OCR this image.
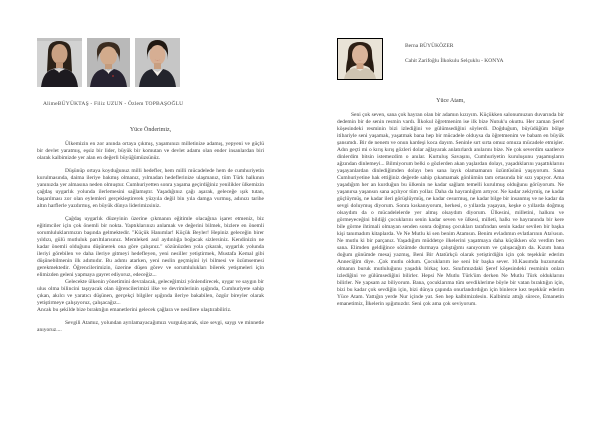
AlimeBÜYÜKTAŞ - Filiz UZUN - Özlem TOPBAŞOĞLU
Yüce Önderimiz,

Ülkemizin en zor anında ortaya çıkmış, yaşamınızı milletinize adamış, yepyeni ve güçlü bir devlet yaratmış, eşsiz bir lider, büyük bir komutan ve devlet adamı olan ender insanlardan biri olarak kalbimizde yer alan en değerli büyüğümüzsünüz.

Düşünüp ortaya koyduğunuz milli hedefler, hem milli mücadelede hem de cumhuriyetin kurulmasında, daima ileriye bakmış olmanız, yılmadan hedeflerinize ulaşmanız, tüm Türk halkının yanınızda yer almasına neden olmuştur. Cumhuriyetten sonra yaşama geçirdiğiniz yenilikler ülkemizin çağdaş uygarlık yolunda ilerlemesini sağlamıştır. Yaşadığınız çağı aşarak, geleceğe ışık tutan, başarılması zor olan eylemleri gerçekleştirerek yüzyıla değil bin yıla damga vurmuş, adınızı tarihe altın harflerle yazdırmış, en büyük dünya liderimizsiniz.

Çağdaş uygarlık düzeyinin üzerine çıkmanın eğitimle olacağına işaret etmeniz, biz eğitimciler için çok önemli bir nokta. Yaptıklarınızı anlamak ve değerini bilmek, bizlere en önemli sorumluluklarımızın başında gelmektedir. "Küçük Hanımlar! Küçük Beyler! Hepiniz geleceğin birer yıldızı, gülü mutluluk parıltılarısınız. Memleketi asıl aydınlığa boğacak sizlersiniz. Kendinizin ne kadar önemli olduğunu düşünerek ona göre çalışınız." sözünüzden yola çıkarak, uygarlık yolunda ileriyi görebilen ve daha ileriye gitmeyi hedefleyen, yeni nesiller yetiştirmek, Mustafa Kemal gibi düşünebilmenin ilk adımıdır. Bu adımı atarken, yeni neslin geçmişini iyi bilmesi ve özümsemesi gerekmektedir. Öğrencilerimizin, üzerine düşen görev ve sorumlulukları bilerek yetişmeleri için elimizden geleni yapmaya gayret ediyoruz, edeceğiz...

Gelecekte ülkenin yönetimini devralacak, geleceğimizi yönlendirecek, uygar ve saygın bir ulus olma bilincini taşıyacak olan öğrencilerimizi ilke ve devrimlerinin ışığında, Cumhuriyete sahip çıkan, akılcı ve yaratıcı düşünen, gerçekçi bilgiler ışığında ileriye bakabilen, özgür bireyler olarak yetiştirmeye çalışıyoruz, çalışacağız...

Ancak bu şekilde bize bıraktığın emanetlerini gelecek çağlara ve nesillere ulaştırabiliriz.

Sevgili Atamız, yolundan ayrılamayacağımızı vurgulayarak, size sevgi, saygı ve minnetle anıyoruz....

Berna BÜYÜKÖZER
Cahit Zarifoğlu İlkokulu Selçuklu - KONYA
Yüce Atam,

Seni çok seven, sana çok hayran olan bir adamın kızıyım. Küçükken salonumuzun duvarında bir dedemin bir de senin resmin vardı. İlkokul öğretmenim ise ilk bize Nutuk'u okuttu. Her zaman Şeref köşesindeki resminin bizi izlediğini ve gülümsediğini söylerdi. Doğduğum, büyüdüğüm bölge itibariyle seni yaşamak, yaşatmak bana hep bir mücadele olduysa da öğretmenim ve babam en büyük şansımdı. Bir de nenem ve onun kardeşi koca dayım. Seninle sırt sırta omuz omuza mücadele etmişler. Adın geçti mi o kırış kırış gözleri dolar ağlayarak anlatırlardı anılarını bize. Ne çok severdim saatlerce dinlerdim bitsin istemezdim o anılar. Kurtuluş Savaşını, Cumhuriyetin kuruluşunu yaşamışların ağzından dinlemeyi... Bilmiyorum belki o gözlerden akan yaşlardan dolayı, yaşadıklarını yaşattıklarını yaşayanlardan dinlediğimden dolayı ben sana layık olamamanın üzüntüsünü yaşıyorum. Sana Cumhuriyetine hak ettiğiniz değerde sahip çıkamamak gönlümün tam ortasında bir sızı yapıyor. Ama yaşadığım her an kurduğun bu ülkenin ne kadar sağlam temelli kurulmuş olduğunu görüyorum. Ne yaşanırsa yaşansın sana açılıyor tüm yollar. Daha da hayranlığım artıyor. Ne kadar zekiymiş, ne kadar güçlüymüş, ne kadar ileri görüşlüymüş, ne kadar cesurmuş, ne kadar bilge bir insanmış ve ne kadar da sevgi doluymuş diyorum. Sonra kıskanıyorum, herkesi, o yıllarda yaşayan, keşke o yıllarda doğmuş olsaydım da o mücadelelerde yer almış olsaydım diyorum. Ülkesini, milletini, halkını ve görmeyeceğini bildiği çocuklarını senin kadar seven ve ülkesi, milleti, halkı ve hayranında bir kere bile görme ihtimali olmayan senden sonra doğmuş çocukları tarafından senin kadar sevilen bir başka kişi tanımadım kitaplarda. Ve Ne Mutlu ki sen benim Atamsın. Benim evladımın evlatlarının Ata'sısın. Ne mutlu ki bir parçanız. Yaşadığım müddetçe ilkelerini yaşatmaya daha küçükken söz verdim ben sana. Elimden geldiğince sözümde durmaya çalıştığımı sanıyorum ve çalışacağım da. Kızım bana doğum günümde mesaj yazmış, Beni Bir Atatürkçü olarak yetiştirdiğin için çok teşekkür ederim Anneciğim diye. .Çok mutlu oldum. Çocuklarım ise seni bir başka sever. 10.Kasımda huzurunda olmanın buruk mutluluğunu yaşadık birkaç kez. Sınıfımızdaki Şeref köşesindeki resminin onları izlediğini ve gülümsediğini bilirler. Hepsi Ne Mutlu Türk'üm derken Ne Mutlu Türk olduklarını bilirler. Ne yapsam az biliyorum. Bana, çocuklarıma tüm sevdiklerime böyle bir vatan bıraktığın için, bizi bu kadar çok sevdiğin için, bizi dünya çapında onurlandırdığın için binlerce kez teşekkür ederim Yüce Atam. Yattığın yerde Nur içinde yat. Sen hep kalbimizdesin. Kalbimiz attığı sürece, Emanetin emanetimiz, İlkelerin ışığımızdır. Seni çok ama çok seviyorum.
